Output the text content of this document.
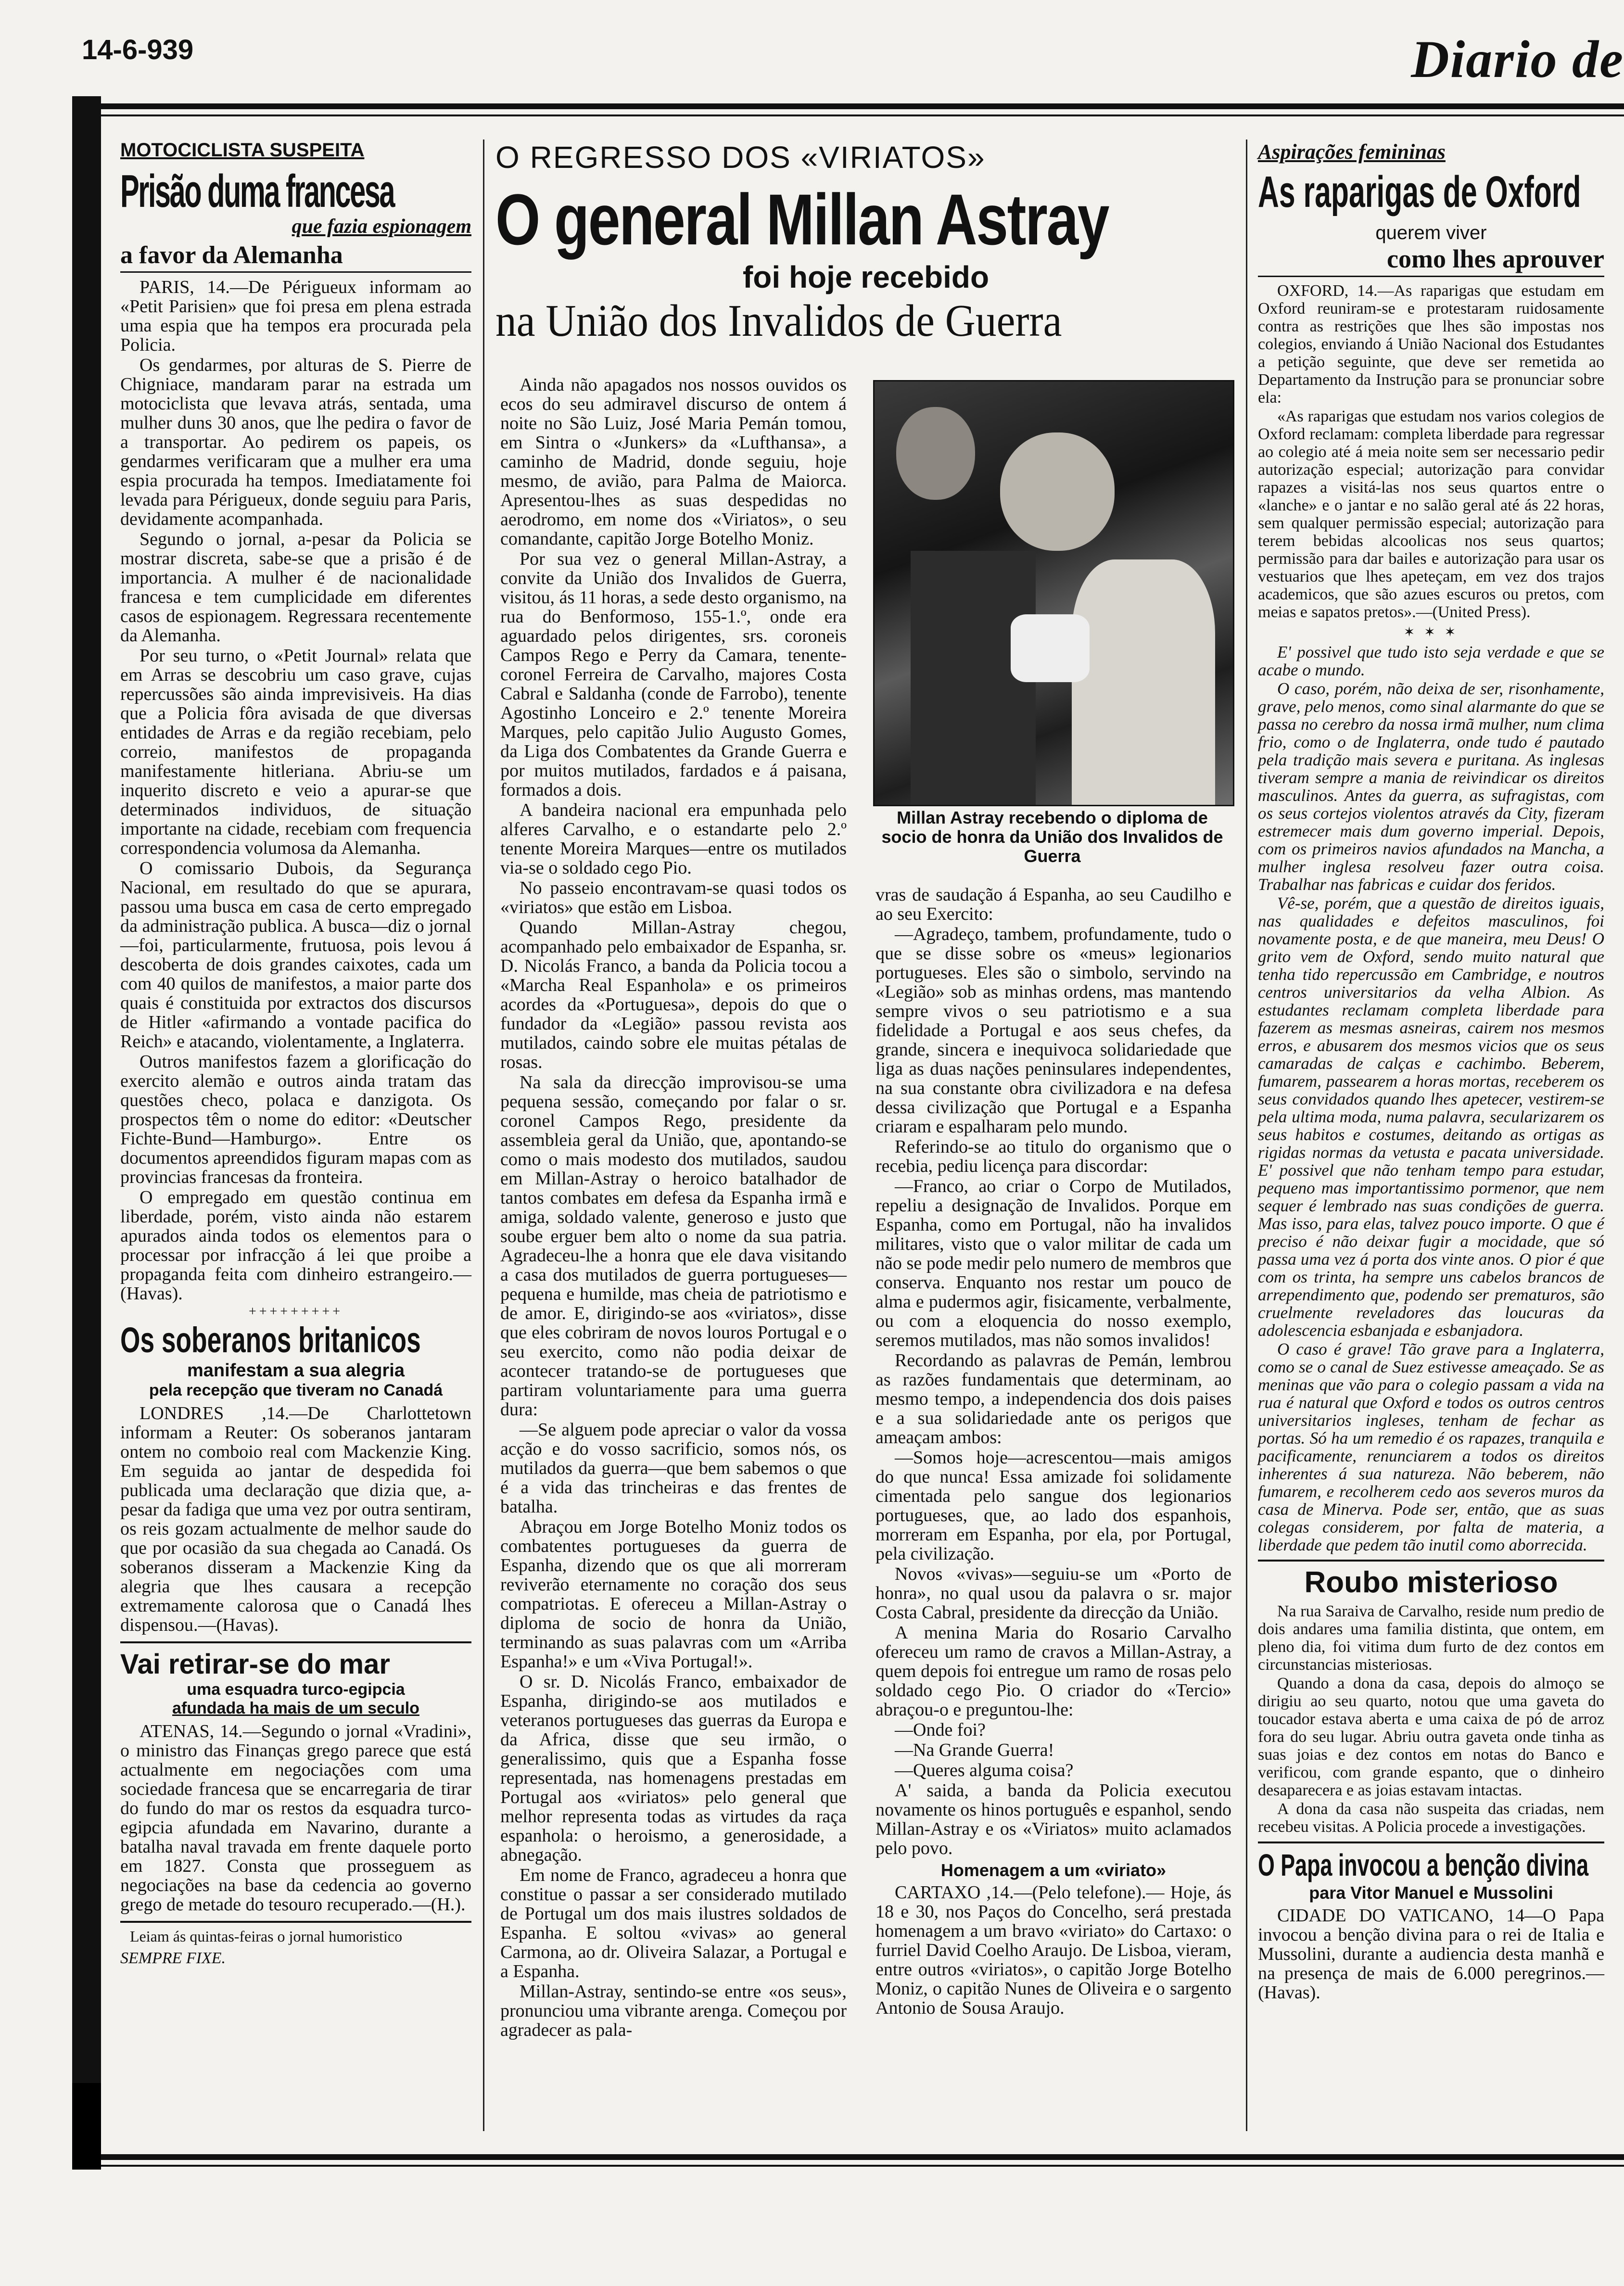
14-6-939	Diario de
MOTOCICLISTA SUSPEITA
Prisão duma francesa
que fazia espionagem
a favor da Alemanha

PARIS, 14.—De Périgueux informam ao «Petit Parisien» que foi presa em plena estrada uma espia que ha tempos era procurada pela Policia.

Os gendarmes, por alturas de S. Pierre de Chigniace, mandaram parar na estrada um motociclista que levava atrás, sentada, uma mulher duns 30 anos, que lhe pedira o favor de a transportar. Ao pedirem os papeis, os gendarmes verificaram que a mulher era uma espia procurada ha tempos. Imediatamente foi levada para Périgueux, donde seguiu para Paris, devidamente acompanhada.

Segundo o jornal, a-pesar da Policia se mostrar discreta, sabe-se que a prisão é de importancia. A mulher é de nacionalidade francesa e tem cumplicidade em diferentes casos de espionagem. Regressara recentemente da Alemanha.

Por seu turno, o «Petit Journal» relata que em Arras se descobriu um caso grave, cujas repercussões são ainda imprevisiveis. Ha dias que a Policia fôra avisada de que diversas entidades de Arras e da região recebiam, pelo correio, manifestos de propaganda manifestamente hitleriana. Abriu-se um inquerito discreto e veio a apurar-se que determinados individuos, de situação importante na cidade, recebiam com frequencia correspondencia volumosa da Alemanha.

O comissario Dubois, da Segurança Nacional, em resultado do que se apurara, passou uma busca em casa de certo empregado da administração publica. A busca—diz o jornal—foi, particularmente, frutuosa, pois levou á descoberta de dois grandes caixotes, cada um com 40 quilos de manifestos, a maior parte dos quais é constituida por extractos dos discursos de Hitler «afirmando a vontade pacifica do Reich» e atacando, violentamente, a Inglaterra.

Outros manifestos fazem a glorificação do exercito alemão e outros ainda tratam das questões checo, polaca e danzigota. Os prospectos têm o nome do editor: «Deutscher Fichte-Bund—Hamburgo». Entre os documentos apreendidos figuram mapas com as provincias francesas da fronteira.

O empregado em questão continua em liberdade, porém, visto ainda não estarem apurados ainda todos os elementos para o processar por infracção á lei que proibe a propaganda feita com dinheiro estrangeiro.—(Havas).

+++++++++
Os soberanos britanicos
manifestam a sua alegria
pela recepção que tiveram no Canadá

LONDRES ,14.—De Charlottetown informam a Reuter: Os soberanos jantaram ontem no comboio real com Mackenzie King. Em seguida ao jantar de despedida foi publicada uma declaração que dizia que, a-pesar da fadiga que uma vez por outra sentiram, os reis gozam actualmente de melhor saude do que por ocasião da sua chegada ao Canadá. Os soberanos disseram a Mackenzie King da alegria que lhes causara a recepção extremamente calorosa que o Canadá lhes dispensou.—(Havas).

Vai retirar-se do mar
uma esquadra turco-egipcia
afundada ha mais de um seculo

ATENAS, 14.—Segundo o jornal «Vradini», o ministro das Finanças grego parece que está actualmente em negociações com uma sociedade francesa que se encarregaria de tirar do fundo do mar os restos da esquadra turco-egipcia afundada em Navarino, durante a batalha naval travada em frente daquele porto em 1827. Consta que prosseguem as negociações na base da cedencia ao governo grego de metade do tesouro recuperado.—(H.).

Leiam ás quintas-feiras o jornal humoristico
SEMPRE FIXE.
O REGRESSO DOS «VIRIATOS»
O general Millan Astray
foi hoje recebido
na União dos Invalidos de Guerra

Ainda não apagados nos nossos ouvidos os ecos do seu admiravel discurso de ontem á noite no São Luiz, José Maria Pemán tomou, em Sintra o «Junkers» da «Lufthansa», a caminho de Madrid, donde seguiu, hoje mesmo, de avião, para Palma de Maiorca. Apresentou-lhes as suas despedidas no aerodromo, em nome dos «Viriatos», o seu comandante, capitão Jorge Botelho Moniz.

Por sua vez o general Millan-Astray, a convite da União dos Invalidos de Guerra, visitou, ás 11 horas, a sede desto organismo, na rua do Benformoso, 155-1.º, onde era aguardado pelos dirigentes, srs. coroneis Campos Rego e Perry da Camara, tenente-coronel Ferreira de Carvalho, majores Costa Cabral e Saldanha (conde de Farrobo), tenente Agostinho Lonceiro e 2.º tenente Moreira Marques, pelo capitão Julio Augusto Gomes, da Liga dos Combatentes da Grande Guerra e por muitos mutilados, fardados e á paisana, formados a dois.

A bandeira nacional era empunhada pelo alferes Carvalho, e o estandarte pelo 2.º tenente Moreira Marques—entre os mutilados via-se o soldado cego Pio.

No passeio encontravam-se quasi todos os «viriatos» que estão em Lisboa.

Quando Millan-Astray chegou, acompanhado pelo embaixador de Espanha, sr. D. Nicolás Franco, a banda da Policia tocou a «Marcha Real Espanhola» e os primeiros acordes da «Portuguesa», depois do que o fundador da «Legião» passou revista aos mutilados, caindo sobre ele muitas pétalas de rosas.

Na sala da direcção improvisou-se uma pequena sessão, começando por falar o sr. coronel Campos Rego, presidente da assembleia geral da União, que, apontando-se como o mais modesto dos mutilados, saudou em Millan-Astray o heroico batalhador de tantos combates em defesa da Espanha irmã e amiga, soldado valente, generoso e justo que soube erguer bem alto o nome da sua patria. Agradeceu-lhe a honra que ele dava visitando a casa dos mutilados de guerra portugueses—pequena e humilde, mas cheia de patriotismo e de amor. E, dirigindo-se aos «viriatos», disse que eles cobriram de novos louros Portugal e o seu exercito, como não podia deixar de acontecer tratando-se de portugueses que partiram voluntariamente para uma guerra dura:

—Se alguem pode apreciar o valor da vossa acção e do vosso sacrificio, somos nós, os mutilados da guerra—que bem sabemos o que é a vida das trincheiras e das frentes de batalha.

Abraçou em Jorge Botelho Moniz todos os combatentes portugueses da guerra de Espanha, dizendo que os que ali morreram reviverão eternamente no coração dos seus compatriotas. E ofereceu a Millan-Astray o diploma de socio de honra da União, terminando as suas palavras com um «Arriba Espanha!» e um «Viva Portugal!».

O sr. D. Nicolás Franco, embaixador de Espanha, dirigindo-se aos mutilados e veteranos portugueses das guerras da Europa e da Africa, disse que seu irmão, o generalissimo, quis que a Espanha fosse representada, nas homenagens prestadas em Portugal aos «viriatos» pelo general que melhor representa todas as virtudes da raça espanhola: o heroismo, a generosidade, a abnegação.

Em nome de Franco, agradeceu a honra que constitue o passar a ser considerado mutilado de Portugal um dos mais ilustres soldados de Espanha. E soltou «vivas» ao general Carmona, ao dr. Oliveira Salazar, a Portugal e a Espanha.

Millan-Astray, sentindo-se entre «os seus», pronunciou uma vibrante arenga. Começou por agradecer as pala-

Millan Astray recebendo o diploma de socio de honra da União dos Invalidos de Guerra

vras de saudação á Espanha, ao seu Caudilho e ao seu Exercito:

—Agradeço, tambem, profundamente, tudo o que se disse sobre os «meus» legionarios portugueses. Eles são o simbolo, servindo na «Legião» sob as minhas ordens, mas mantendo sempre vivos o seu patriotismo e a sua fidelidade a Portugal e aos seus chefes, da grande, sincera e inequivoca solidariedade que liga as duas nações peninsulares independentes, na sua constante obra civilizadora e na defesa dessa civilização que Portugal e a Espanha criaram e espalharam pelo mundo.

Referindo-se ao titulo do organismo que o recebia, pediu licença para discordar:

—Franco, ao criar o Corpo de Mutilados, repeliu a designação de Invalidos. Porque em Espanha, como em Portugal, não ha invalidos militares, visto que o valor militar de cada um não se pode medir pelo numero de membros que conserva. Enquanto nos restar um pouco de alma e pudermos agir, fisicamente, verbalmente, ou com a eloquencia do nosso exemplo, seremos mutilados, mas não somos invalidos!

Recordando as palavras de Pemán, lembrou as razões fundamentais que determinam, ao mesmo tempo, a independencia dos dois paises e a sua solidariedade ante os perigos que ameaçam ambos:

—Somos hoje—acrescentou—mais amigos do que nunca! Essa amizade foi solidamente cimentada pelo sangue dos legionarios portugueses, que, ao lado dos espanhois, morreram em Espanha, por ela, por Portugal, pela civilização.

Novos «vivas»—seguiu-se um «Porto de honra», no qual usou da palavra o sr. major Costa Cabral, presidente da direcção da União.

A menina Maria do Rosario Carvalho ofereceu um ramo de cravos a Millan-Astray, a quem depois foi entregue um ramo de rosas pelo soldado cego Pio. O criador do «Tercio» abraçou-o e preguntou-lhe:

—Onde foi?

—Na Grande Guerra!

—Queres alguma coisa?

A' saida, a banda da Policia executou novamente os hinos português e espanhol, sendo Millan-Astray e os «Viriatos» muito aclamados pelo povo.

Homenagem a um «viriato»

CARTAXO ,14.—(Pelo telefone).— Hoje, ás 18 e 30, nos Paços do Concelho, será prestada homenagem a um bravo «viriato» do Cartaxo: o furriel David Coelho Araujo. De Lisboa, vieram, entre outros «viriatos», o capitão Jorge Botelho Moniz, o capitão Nunes de Oliveira e o sargento Antonio de Sousa Araujo.

Aspirações femininas
As raparigas de Oxford
querem viver
como lhes aprouver

OXFORD, 14.—As raparigas que estudam em Oxford reuniram-se e protestaram ruidosamente contra as restrições que lhes são impostas nos colegios, enviando á União Nacional dos Estudantes a petição seguinte, que deve ser remetida ao Departamento da Instrução para se pronunciar sobre ela:

«As raparigas que estudam nos varios colegios de Oxford reclamam: completa liberdade para regressar ao colegio até á meia noite sem ser necessario pedir autorização especial; autorização para convidar rapazes a visitá-las nos seus quartos entre o «lanche» e o jantar e no salão geral até ás 22 horas, sem qualquer permissão especial; autorização para terem bebidas alcoolicas nos seus quartos; permissão para dar bailes e autorização para usar os vestuarios que lhes apeteçam, em vez dos trajos academicos, que são azues escuros ou pretos, com meias e sapatos pretos».—(United Press).

✶ ✶ ✶

E' possivel que tudo isto seja verdade e que se acabe o mundo.

O caso, porém, não deixa de ser, risonhamente, grave, pelo menos, como sinal alarmante do que se passa no cerebro da nossa irmã mulher, num clima frio, como o de Inglaterra, onde tudo é pautado pela tradição mais severa e puritana. As inglesas tiveram sempre a mania de reivindicar os direitos masculinos. Antes da guerra, as sufragistas, com os seus cortejos violentos através da City, fizeram estremecer mais dum governo imperial. Depois, com os primeiros navios afundados na Mancha, a mulher inglesa resolveu fazer outra coisa. Trabalhar nas fabricas e cuidar dos feridos.

Vê-se, porém, que a questão de direitos iguais, nas qualidades e defeitos masculinos, foi novamente posta, e de que maneira, meu Deus! O grito vem de Oxford, sendo muito natural que tenha tido repercussão em Cambridge, e noutros centros universitarios da velha Albion. As estudantes reclamam completa liberdade para fazerem as mesmas asneiras, cairem nos mesmos erros, e abusarem dos mesmos vicios que os seus camaradas de calças e cachimbo. Beberem, fumarem, passearem a horas mortas, receberem os seus convidados quando lhes apetecer, vestirem-se pela ultima moda, numa palavra, secularizarem os seus habitos e costumes, deitando as ortigas as rigidas normas da vetusta e pacata universidade. E' possivel que não tenham tempo para estudar, pequeno mas importantissimo pormenor, que nem sequer é lembrado nas suas condições de guerra. Mas isso, para elas, talvez pouco importe. O que é preciso é não deixar fugir a mocidade, que só passa uma vez á porta dos vinte anos. O pior é que com os trinta, ha sempre uns cabelos brancos de arrependimento que, podendo ser prematuros, são cruelmente reveladores das loucuras da adolescencia esbanjada e esbanjadora.

O caso é grave! Tão grave para a Inglaterra, como se o canal de Suez estivesse ameaçado. Se as meninas que vão para o colegio passam a vida na rua é natural que Oxford e todos os outros centros universitarios ingleses, tenham de fechar as portas. Só ha um remedio é os rapazes, tranquila e pacificamente, renunciarem a todos os direitos inherentes á sua natureza. Não beberem, não fumarem, e recolherem cedo aos severos muros da casa de Minerva. Pode ser, então, que as suas colegas considerem, por falta de materia, a liberdade que pedem tão inutil como aborrecida.

Roubo misterioso

Na rua Saraiva de Carvalho, reside num predio de dois andares uma familia distinta, que ontem, em pleno dia, foi vitima dum furto de dez contos em circunstancias misteriosas.

Quando a dona da casa, depois do almoço se dirigiu ao seu quarto, notou que uma gaveta do toucador estava aberta e uma caixa de pó de arroz fora do seu lugar. Abriu outra gaveta onde tinha as suas joias e dez contos em notas do Banco e verificou, com grande espanto, que o dinheiro desaparecera e as joias estavam intactas.

A dona da casa não suspeita das criadas, nem recebeu visitas. A Policia procede a investigações.

O Papa invocou a benção divina
para Vitor Manuel e Mussolini

CIDADE DO VATICANO, 14—O Papa invocou a benção divina para o rei de Italia e Mussolini, durante a audiencia desta manhã e na presença de mais de 6.000 peregrinos.—(Havas).
